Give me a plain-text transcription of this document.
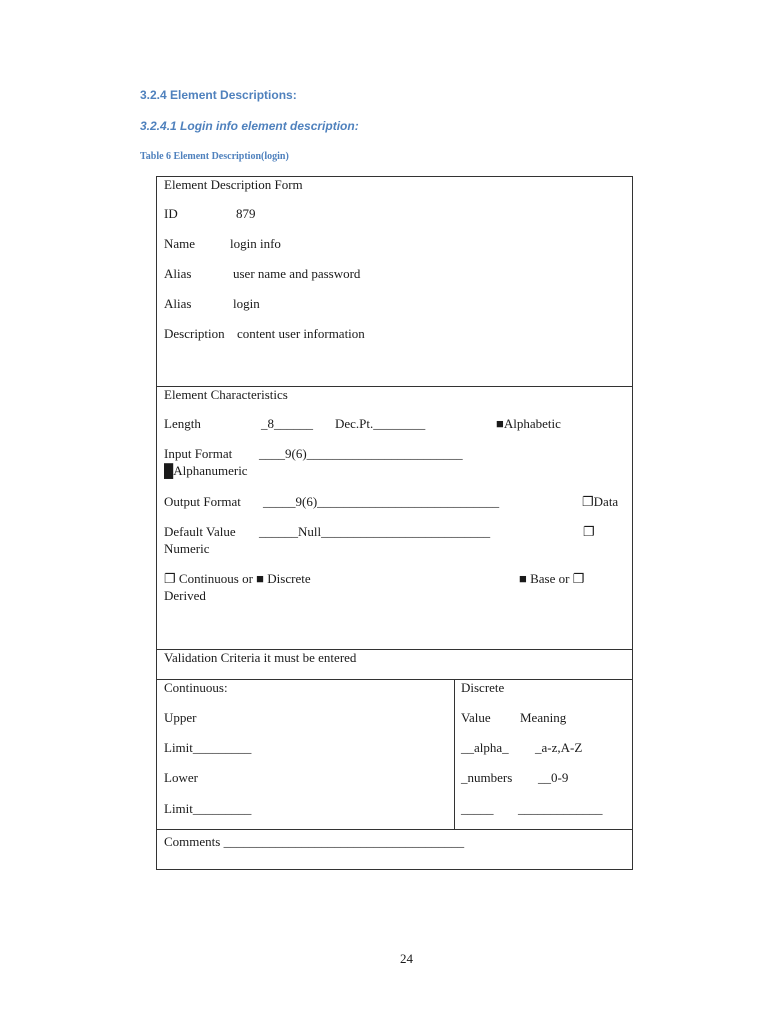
3.2.4 Element Descriptions:
3.2.4.1 Login info element description:
Table 6 Element Description(login)
Element Description Form
ID	879
Name	login info
Alias	user name and password
Alias	login
Description content user information
Element Characteristics
Length	_8______ Dec.Pt.________	■Alphabetic
Input Format ____9(6)________________________
█Alphanumeric
Output Format _____9(6)____________________________	❐Data
Default Value ______Null__________________________	❐
Numeric
❐ Continuous or ■ Discrete	■ Base or ❐
Derived
Validation Criteria it must be entered
Continuous:
Upper
Limit_________
Lower
Limit_________
Discrete
Value Meaning
__alpha_ _a-z,A-Z
_numbers __0-9
_____ _____________
Comments _____________________________________
24
